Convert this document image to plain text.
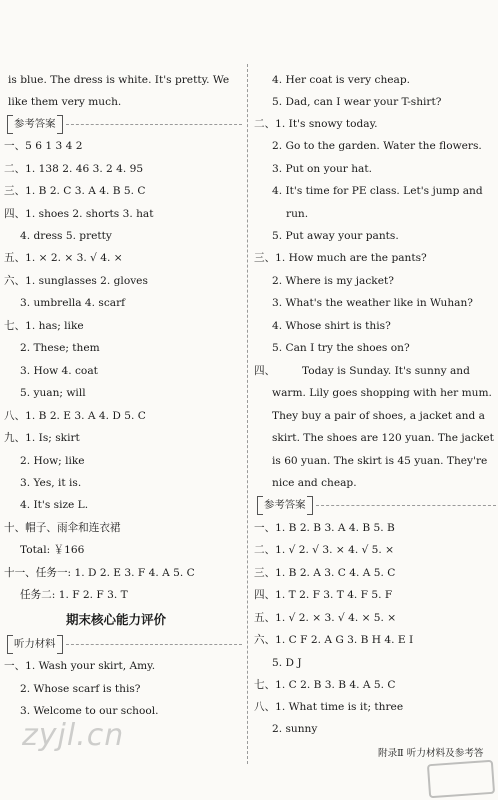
is blue. The dress is white. It's pretty. We
like them very much.
参考答案
一、5 6 1 3 4 2
二、1. 138 2. 46 3. 2 4. 95
三、1. B 2. C 3. A 4. B 5. C
四、1. shoes 2. shorts 3. hat
4. dress 5. pretty
五、1. × 2. × 3. √ 4. ×
六、1. sunglasses 2. gloves
3. umbrella 4. scarf
七、1. has; like
2. These; them
3. How 4. coat
5. yuan; will
八、1. B 2. E 3. A 4. D 5. C
九、1. Is; skirt
2. How; like
3. Yes, it is.
4. It's size L.
十、帽子、雨伞和连衣裙
Total: ￥166
十一、任务一: 1. D 2. E 3. F 4. A 5. C
任务二: 1. F 2. F 3. T
期末核心能力评价
听力材料
一、1. Wash your skirt, Amy.
2. Whose scarf is this?
3. Welcome to our school.
zyjl.cn
4. Her coat is very cheap.
5. Dad, can I wear your T-shirt?
二、1. It's snowy today.
2. Go to the garden. Water the flowers.
3. Put on your hat.
4. It's time for PE class. Let's jump and
run.
5. Put away your pants.
三、1. How much are the pants?
2. Where is my jacket?
3. What's the weather like in Wuhan?
4. Whose shirt is this?
5. Can I try the shoes on?
四、	Today is Sunday. It's sunny and
warm. Lily goes shopping with her mum.
They buy a pair of shoes, a jacket and a
skirt. The shoes are 120 yuan. The jacket
is 60 yuan. The skirt is 45 yuan. They're
nice and cheap.
参考答案
一、1. B 2. B 3. A 4. B 5. B
二、1. √ 2. √ 3. × 4. √ 5. ×
三、1. B 2. A 3. C 4. A 5. C
四、1. T 2. F 3. T 4. F 5. F
五、1. √ 2. × 3. √ 4. × 5. ×
六、1. C F 2. A G 3. B H 4. E I
5. D J
七、1. C 2. B 3. B 4. A 5. C
八、1. What time is it; three
2. sunny
附录Ⅱ 听力材料及参考答
